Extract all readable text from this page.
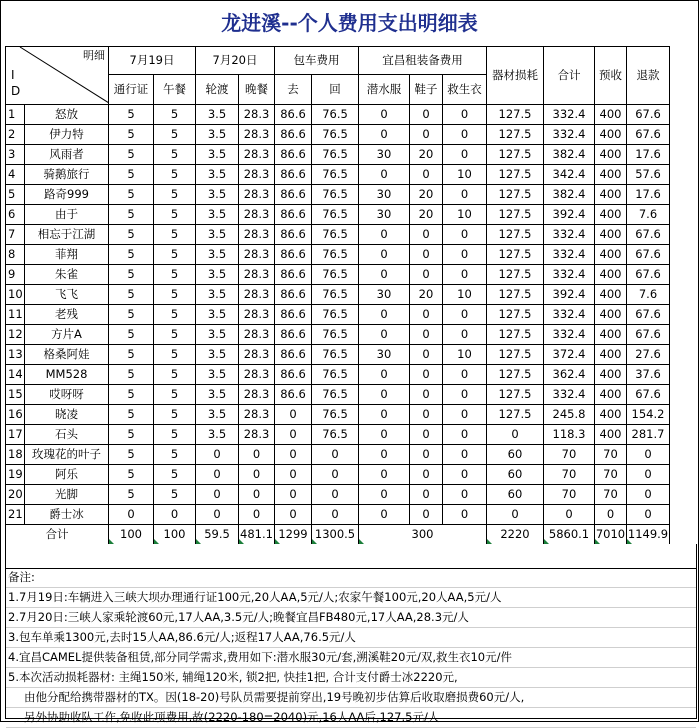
龙进溪--个人费用支出明细表
明细
I
D		7月19日		7月20日		包车费用		宜昌租装备费用			器材损耗	合计	预收	退款
		通行证	午餐	轮渡	晚餐	去	回	潜水服	鞋子	救生衣				
1	怒放	5	5	3.5	28.3	86.6	76.5	0	0	0	127.5	332.4	400	67.6
2	伊力特	5	5	3.5	28.3	86.6	76.5	0	0	0	127.5	332.4	400	67.6
3	风雨者	5	5	3.5	28.3	86.6	76.5	30	20	0	127.5	382.4	400	17.6
4	骑鹅旅行	5	5	3.5	28.3	86.6	76.5	0	0	10	127.5	342.4	400	57.6
5	路奇999	5	5	3.5	28.3	86.6	76.5	30	20	0	127.5	382.4	400	17.6
6	由于	5	5	3.5	28.3	86.6	76.5	30	20	10	127.5	392.4	400	7.6
7	相忘于江湖	5	5	3.5	28.3	86.6	76.5	0	0	0	127.5	332.4	400	67.6
8	菲翔	5	5	3.5	28.3	86.6	76.5	0	0	0	127.5	332.4	400	67.6
9	朱雀	5	5	3.5	28.3	86.6	76.5	0	0	0	127.5	332.4	400	67.6
10	飞飞	5	5	3.5	28.3	86.6	76.5	30	20	10	127.5	392.4	400	7.6
11	老残	5	5	3.5	28.3	86.6	76.5	0	0	0	127.5	332.4	400	67.6
12	方片A	5	5	3.5	28.3	86.6	76.5	0	0	0	127.5	332.4	400	67.6
13	格桑阿娃	5	5	3.5	28.3	86.6	76.5	30	0	10	127.5	372.4	400	27.6
14	MM528	5	5	3.5	28.3	86.6	76.5	0	0	0	127.5	362.4	400	37.6
15	哎呀呀	5	5	3.5	28.3	86.6	76.5	0	0	0	127.5	332.4	400	67.6
16	晓凌	5	5	3.5	28.3	0	76.5	0	0	0	127.5	245.8	400	154.2
17	石头	5	5	3.5	28.3	0	76.5	0	0	0	0	118.3	400	281.7
18	玫瑰花的叶子	5	5	0	0	0	0	0	0	0	60	70	70	0
19	阿乐	5	5	0	0	0	0	0	0	0	60	70	70	0
20	光脚	5	5	0	0	0	0	0	0	0	60	70	70	0
21	爵士冰	0	0	0	0	0	0	0	0	0	0	0	0	0
合计		100	100	59.5	481.1	1299	1300.5	300			2220	5860.1	7010	1149.9
备注:
1.7月19日:车辆进入三峡大坝办理通行证100元,20人AA,5元/人;农家午餐100元,20人AA,5元/人
2.7月20日:三峡人家乘轮渡60元,17人AA,3.5元/人;晚餐宜昌FB480元,17人AA,28.3元/人
3.包车单乘1300元,去时15人AA,86.6元/人;返程17人AA,76.5元/人
4.宜昌CAMEL提供装备租赁,部分同学需求,费用如下:潜水服30元/套,溯溪鞋20元/双,救生衣10元/件
5.本次活动损耗器材: 主绳150米, 辅绳120米, 锁2把, 快挂1把, 合计支付爵士冰2220元,
由他分配给携带器材的TX。因(18-20)号队员需要提前穿出,19号晚初步估算后收取磨损费60元/人,
另外协助收队工作,免收此项费用.故(2220-180=2040)元,16人AA后,127.5元/人
